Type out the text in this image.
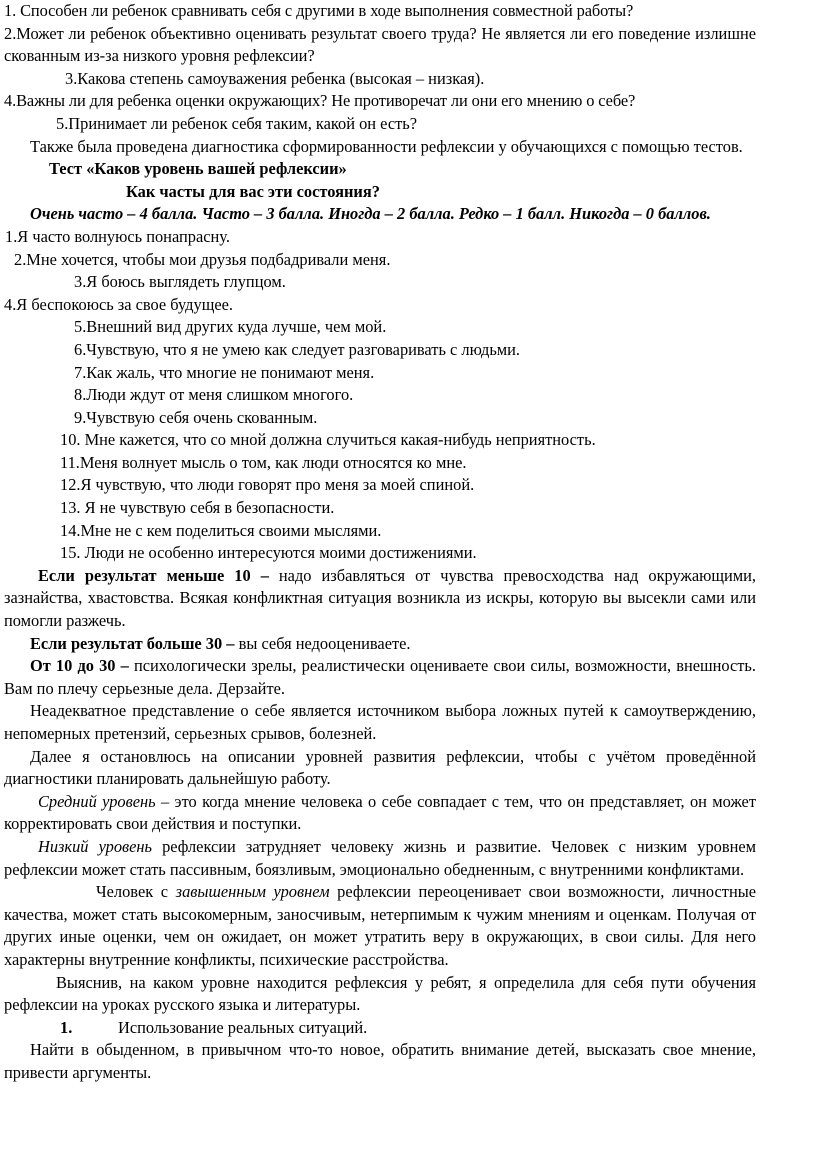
1. Способен ли ребенок сравнивать себя с другими в ходе выполнения совместной работы?

2.Может ли ребенок объективно оценивать результат своего труда? Не является ли его поведение излишне скованным из-за низкого уровня рефлексии?

3.Какова степень самоуважения ребенка (высокая – низкая).

4.Важны ли для ребенка оценки окружающих? Не противоречат ли они его мнению о себе?

5.Принимает ли ребенок себя таким, какой он есть?

Также была проведена диагностика сформированности рефлексии у обучающихся с помощью тестов.

Тест «Каков уровень вашей рефлексии»

Как часты для вас эти состояния?

Очень часто – 4 балла. Часто – 3 балла. Иногда – 2 балла. Редко – 1 балл. Никогда – 0 баллов.

1.Я часто волнуюсь понапрасну.

2.Мне хочется, чтобы мои друзья подбадривали меня.

3.Я боюсь выглядеть глупцом.

4.Я беспокоюсь за свое будущее.

5.Внешний вид других куда лучше, чем мой.

6.Чувствую, что я не умею как следует разговаривать с людьми.

7.Как жаль, что многие не понимают меня.

8.Люди ждут от меня слишком многого.

9.Чувствую себя очень скованным.

10. Мне кажется, что со мной должна случиться какая-нибудь неприятность.

11.Меня волнует мысль о том, как люди относятся ко мне.

12.Я чувствую, что люди говорят про меня за моей спиной.

13. Я не чувствую себя в безопасности.

14.Мне не с кем поделиться своими мыслями.

15. Люди не особенно интересуются моими достижениями.

Если результат меньше 10 – надо избавляться от чувства превосходства над окружающими, зазнайства, хвастовства. Всякая конфликтная ситуация возникла из искры, которую вы высекли сами или помогли разжечь.

Если результат больше 30 – вы себя недооцениваете.

От 10 до 30 – психологически зрелы, реалистически оцениваете свои силы, возможности, внешность. Вам по плечу серьезные дела. Дерзайте.

Неадекватное представление о себе является источником выбора ложных путей к самоутверждению, непомерных претензий, серьезных срывов, болезней.

Далее я остановлюсь на описании уровней развития рефлексии, чтобы с учётом проведённой диагностики планировать дальнейшую работу.

Средний уровень – это когда мнение человека о себе совпадает с тем, что он представляет, он может корректировать свои действия и поступки.

Низкий уровень рефлексии затрудняет человеку жизнь и развитие. Человек с низким уровнем рефлексии может стать пассивным, боязливым, эмоционально обедненным, с внутренними конфликтами.

Человек с завышенным уровнем рефлексии переоценивает свои возможности, личностные качества, может стать высокомерным, заносчивым, нетерпимым к чужим мнениям и оценкам. Получая от других иные оценки, чем он ожидает, он может утратить веру в окружающих, в свои силы. Для него характерны внутренние конфликты, психические расстройства.

Выяснив, на каком уровне находится рефлексия у ребят, я определила для себя пути обучения рефлексии на уроках русского языка и литературы.

1.	Использование реальных ситуаций.

Найти в обыденном, в привычном что-то новое, обратить внимание детей, высказать свое мнение, привести аргументы.
